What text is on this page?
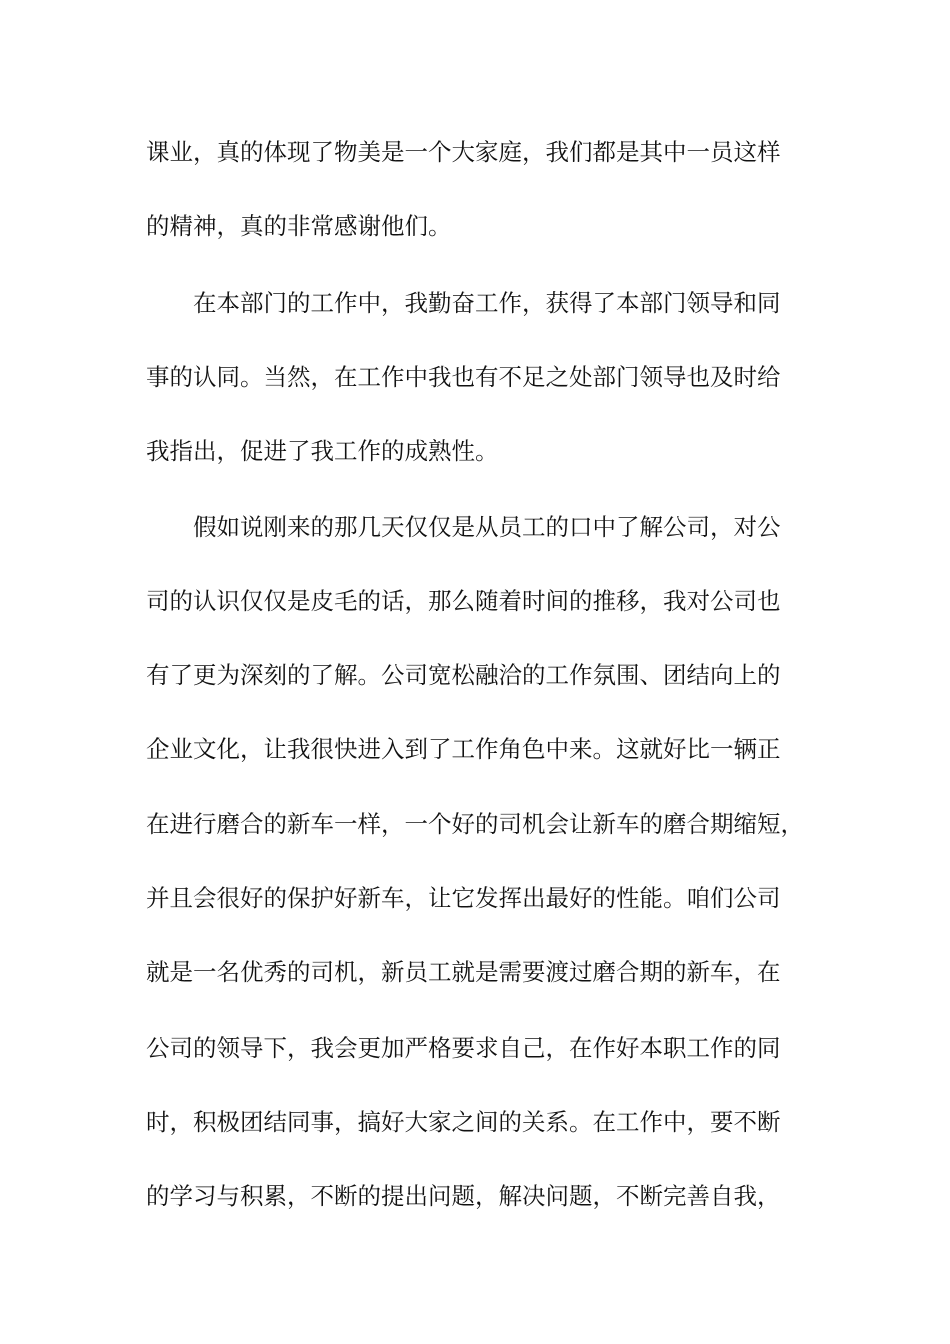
课业，真的体现了物美是一个大家庭，我们都是其中一员这样
的精神，真的非常感谢他们。
在本部门的工作中，我勤奋工作，获得了本部门领导和同
事的认同。当然，在工作中我也有不足之处部门领导也及时给
我指出，促进了我工作的成熟性。
假如说刚来的那几天仅仅是从员工的口中了解公司，对公
司的认识仅仅是皮毛的话，那么随着时间的推移，我对公司也
有了更为深刻的了解。公司宽松融洽的工作氛围、团结向上的
企业文化，让我很快进入到了工作角色中来。这就好比一辆正
在进行磨合的新车一样，一个好的司机会让新车的磨合期缩短，
并且会很好的保护好新车，让它发挥出最好的性能。咱们公司
就是一名优秀的司机，新员工就是需要渡过磨合期的新车，在
公司的领导下，我会更加严格要求自己，在作好本职工作的同
时，积极团结同事，搞好大家之间的关系。在工作中，要不断
的学习与积累，不断的提出问题，解决问题，不断完善自我，
